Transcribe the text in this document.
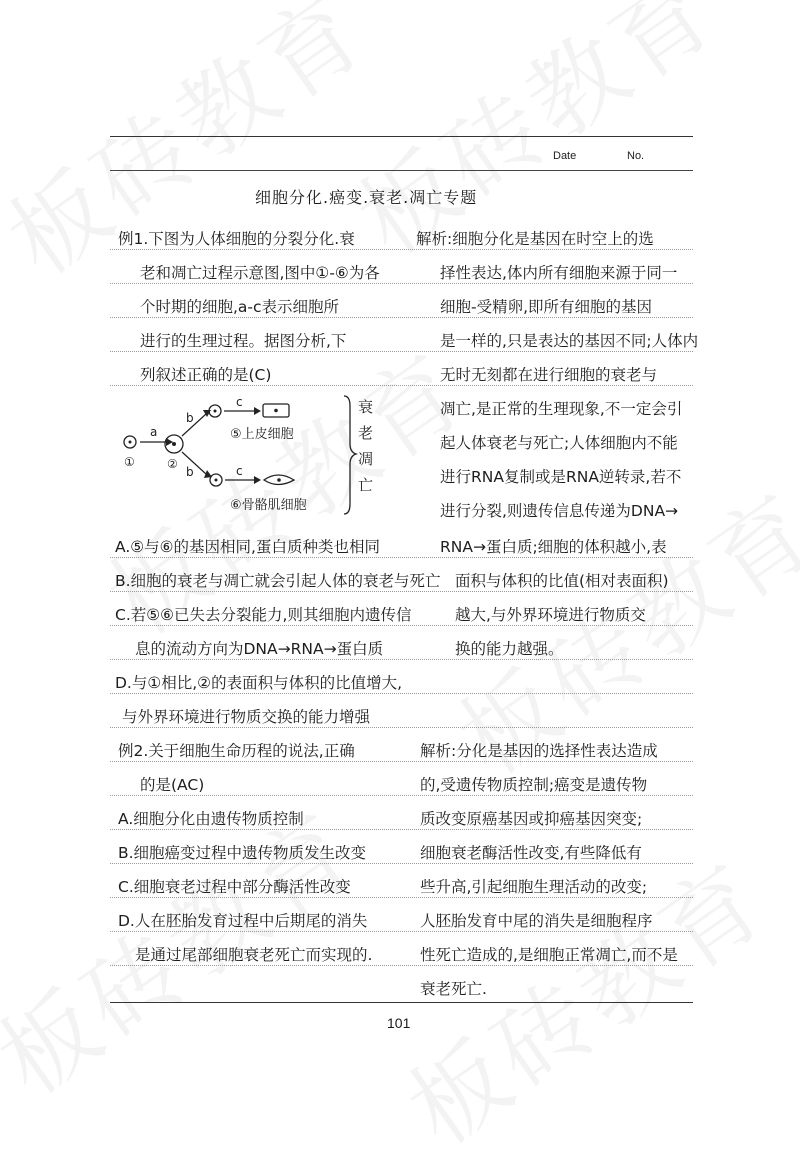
Date	No.
细胞分化.癌变.衰老.凋亡专题
例1.下图为人体细胞的分裂分化.衰
老和凋亡过程示意图,图中①-⑥为各
个时期的细胞,a-c表示细胞所
进行的生理过程。据图分析,下
列叙述正确的是(C)
解析:细胞分化是基因在时空上的选
择性表达,体内所有细胞来源于同一
细胞-受精卵,即所有细胞的基因
是一样的,只是表达的基因不同;人体内
无时无刻都在进行细胞的衰老与
凋亡,是正常的生理现象,不一定会引
起人体衰老与死亡;人体细胞内不能
进行RNA复制或是RNA逆转录,若不
进行分裂,则遗传信息传递为DNA→
RNA→蛋白质;细胞的体积越小,表
面积与体积的比值(相对表面积)
越大,与外界环境进行物质交
换的能力越强。
①
a
②
b
b
c
⑤上皮细胞
c
⑥骨骼肌细胞
衰
老
凋
亡
A.⑤与⑥的基因相同,蛋白质种类也相同
B.细胞的衰老与凋亡就会引起人体的衰老与死亡
C.若⑤⑥已失去分裂能力,则其细胞内遗传信
息的流动方向为DNA→RNA→蛋白质
D.与①相比,②的表面积与体积的比值增大,
与外界环境进行物质交换的能力增强
例2.关于细胞生命历程的说法,正确
的是(AC)
A.细胞分化由遗传物质控制
B.细胞癌变过程中遗传物质发生改变
C.细胞衰老过程中部分酶活性改变
D.人在胚胎发育过程中后期尾的消失
是通过尾部细胞衰老死亡而实现的.
解析:分化是基因的选择性表达造成
的,受遗传物质控制;癌变是遗传物
质改变原癌基因或抑癌基因突变;
细胞衰老酶活性改变,有些降低有
些升高,引起细胞生理活动的改变;
人胚胎发育中尾的消失是细胞程序
性死亡造成的,是细胞正常凋亡,而不是
衰老死亡.
101
